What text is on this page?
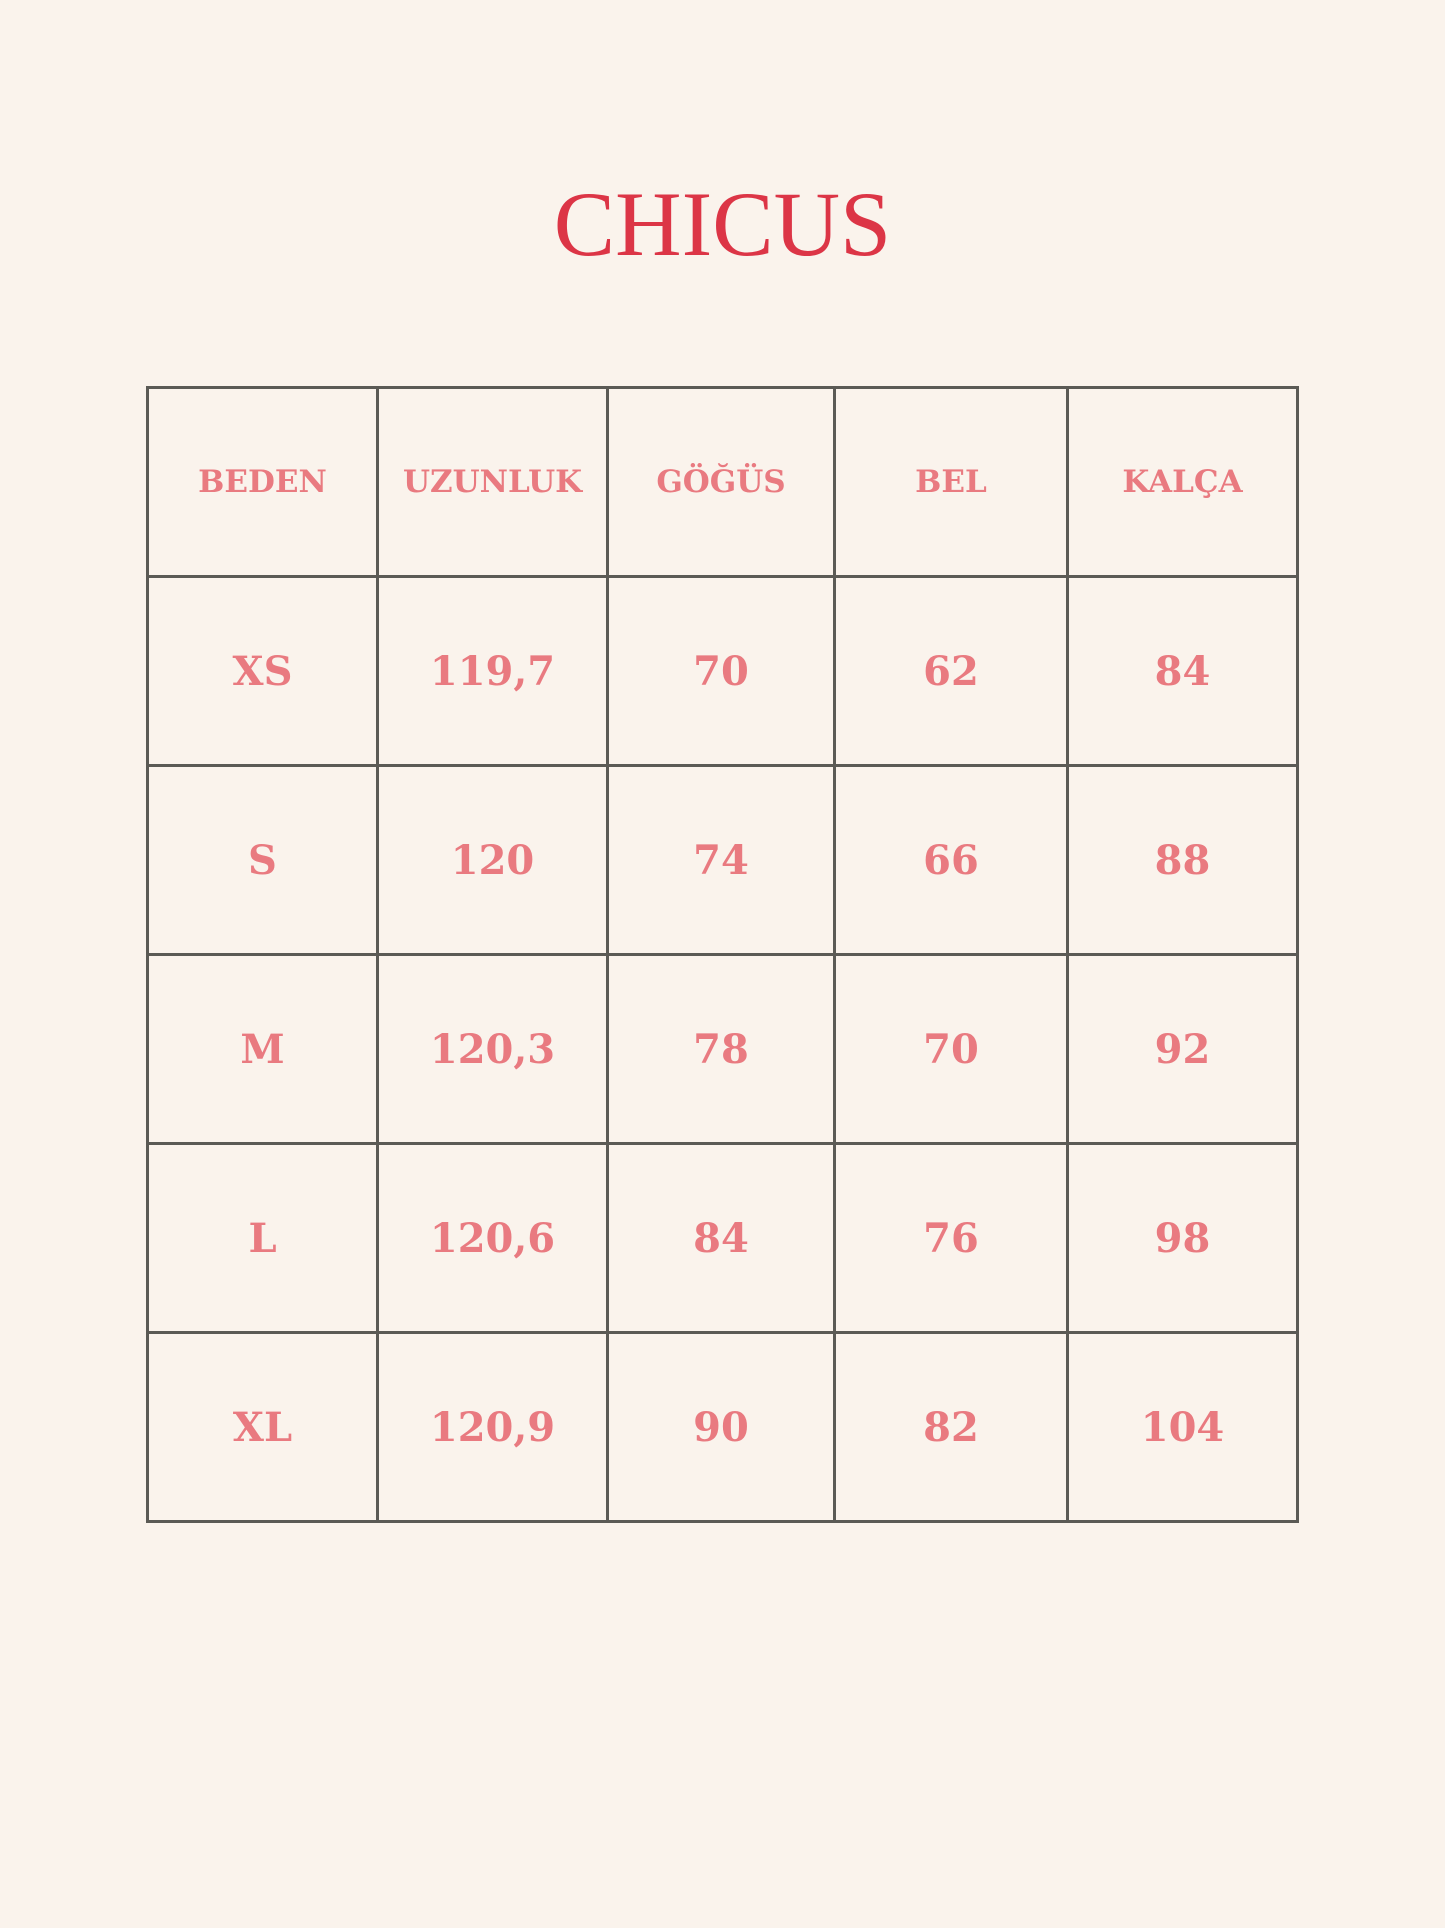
CHICUS
BEDEN	UZUNLUK	GÖĞÜS	BEL	KALÇA
XS	119,7	70	62	84
S	120	74	66	88
M	120,3	78	70	92
L	120,6	84	76	98
XL	120,9	90	82	104
